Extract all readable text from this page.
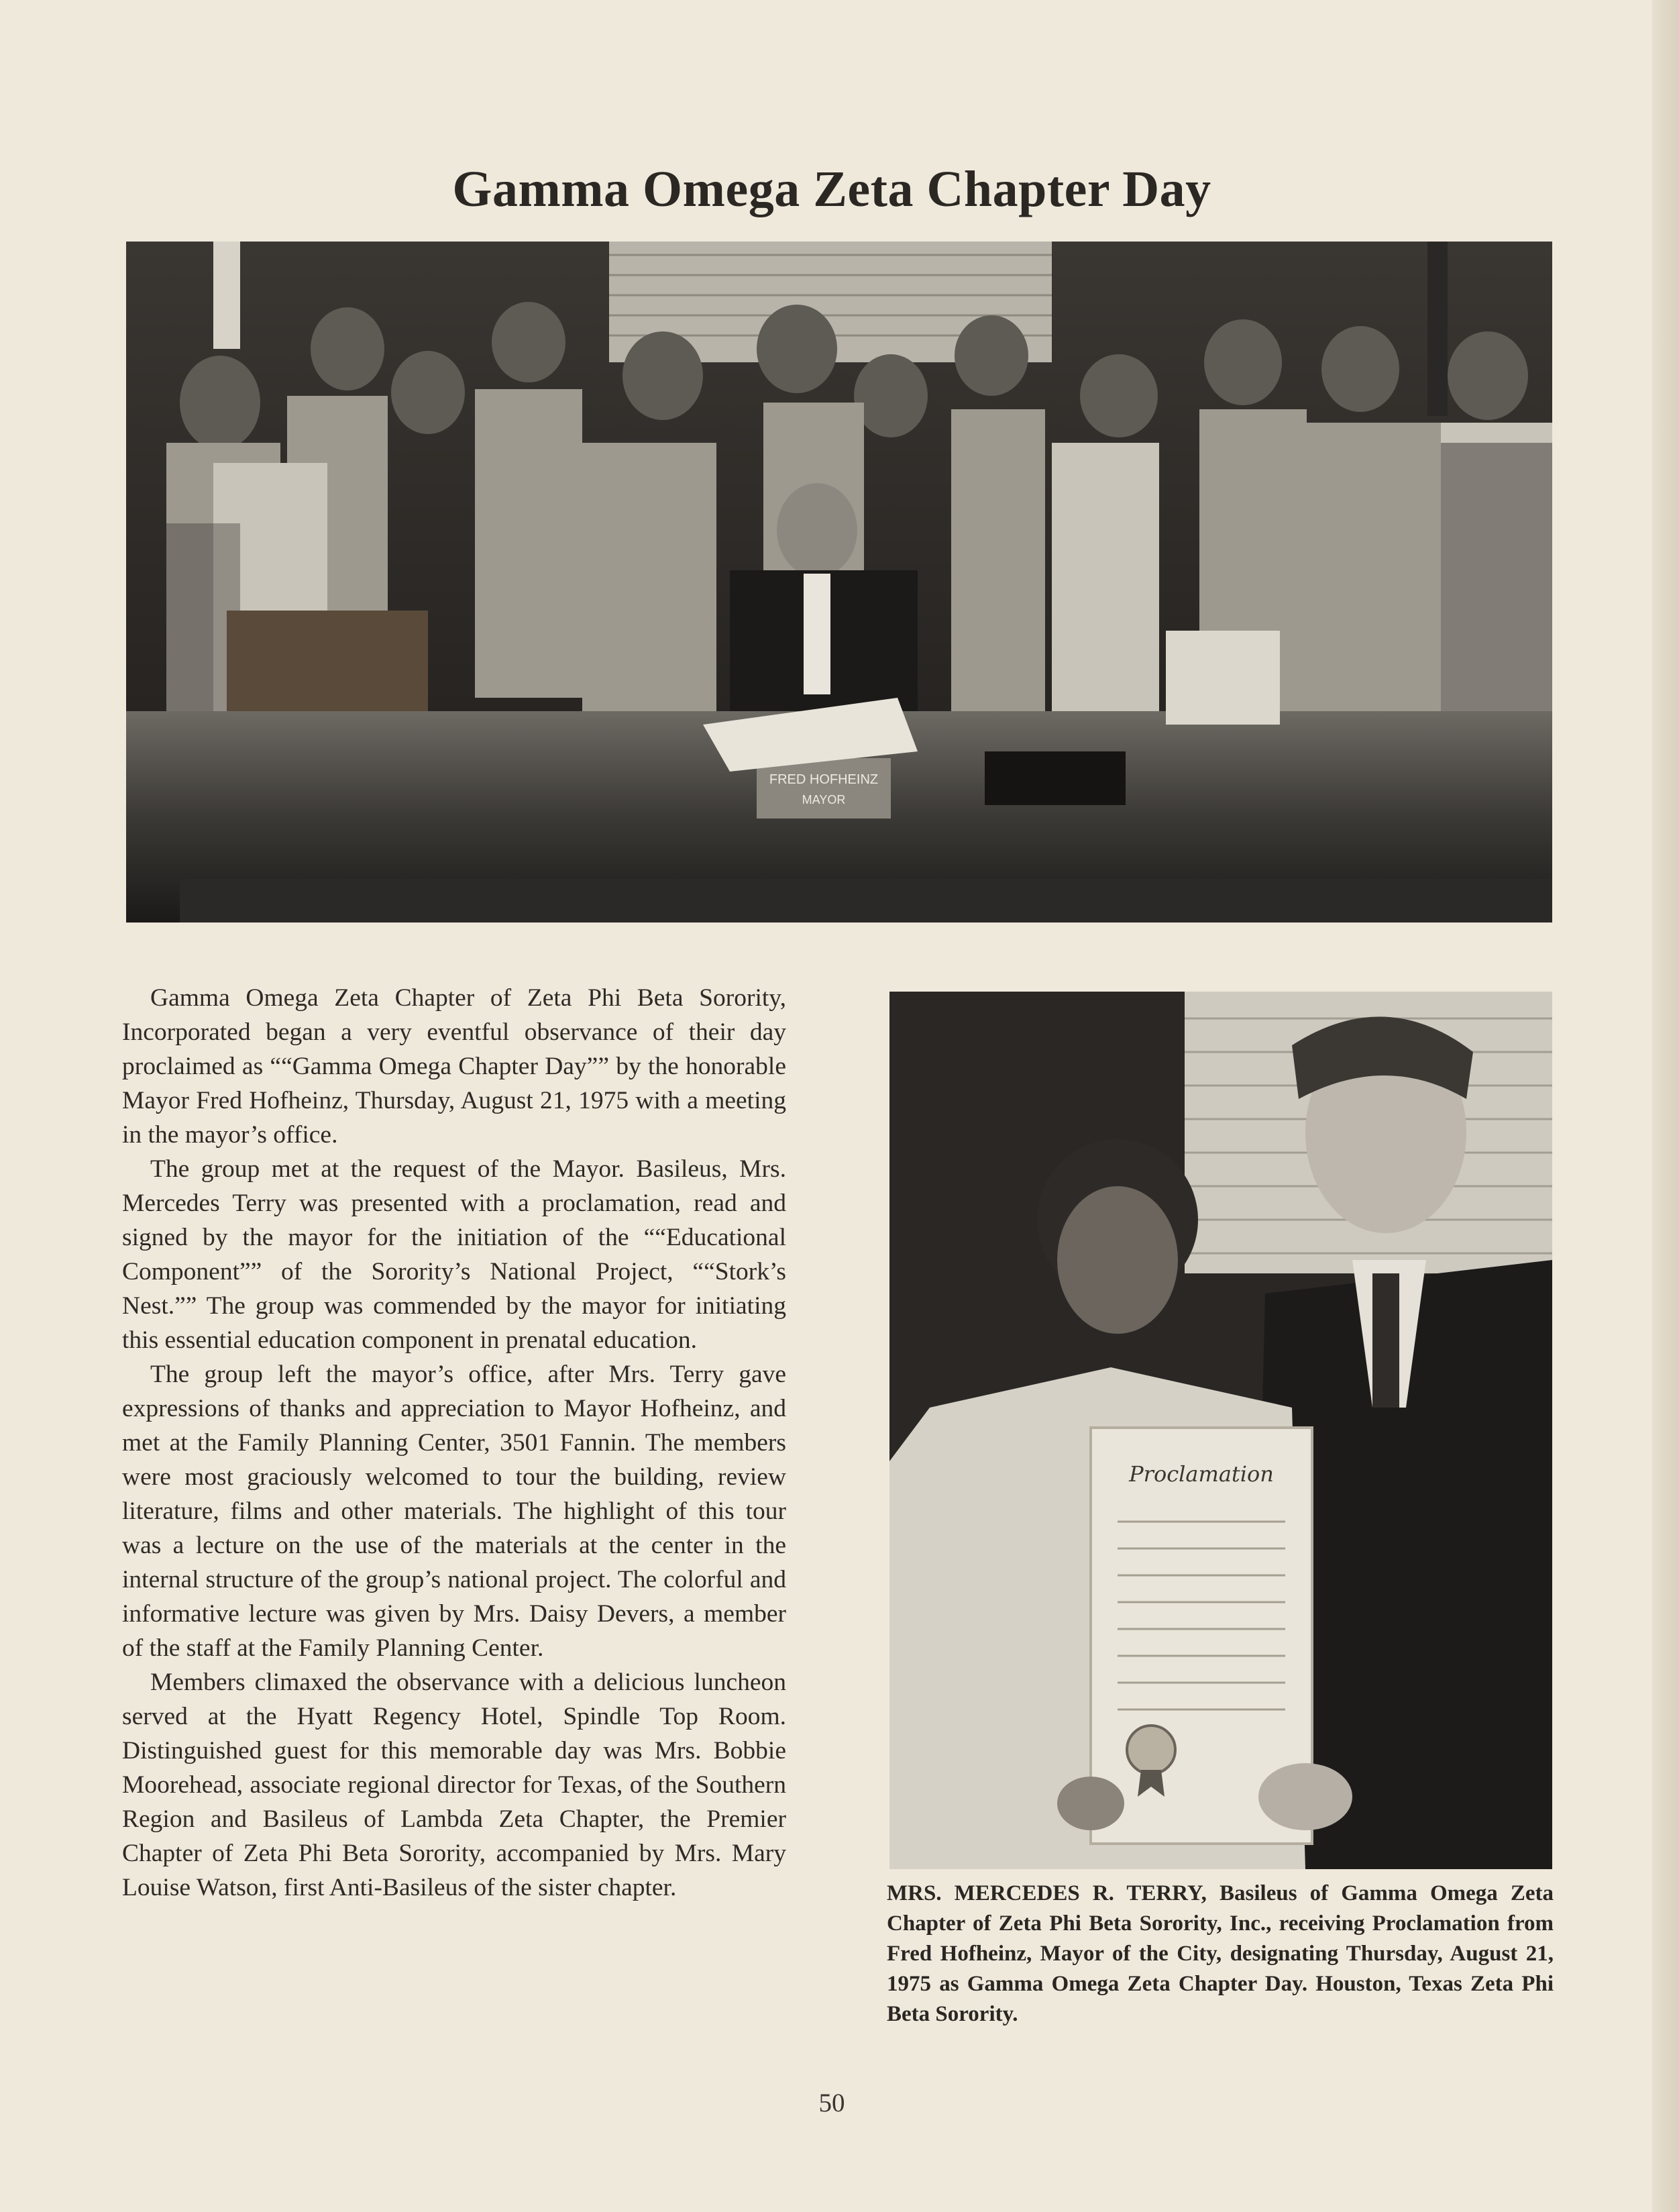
Gamma Omega Zeta Chapter Day
FRED HOFHEINZ
MAYOR

Gamma Omega Zeta Chapter of Zeta Phi Beta Sorority, Incorporated began a very eventful observance of their day proclaimed as ““Gamma Omega Chapter Day”” by the honorable Mayor Fred Hofheinz, Thursday, August 21, 1975 with a meeting in the mayor’s office.

The group met at the request of the Mayor. Basileus, Mrs. Mercedes Terry was presented with a proclamation, read and signed by the mayor for the initiation of the ““Educational Component”” of the Sorority’s National Project, ““Stork’s Nest.”” The group was commended by the mayor for initiating this essential education component in prenatal education.

The group left the mayor’s office, after Mrs. Terry gave expressions of thanks and appreciation to Mayor Hofheinz, and met at the Family Planning Center, 3501 Fannin. The members were most graciously welcomed to tour the building, review literature, films and other materials. The highlight of this tour was a lecture on the use of the materials at the center in the internal structure of the group’s national project. The colorful and informative lecture was given by Mrs. Daisy Devers, a member of the staff at the Family Planning Center.

Members climaxed the observance with a delicious luncheon served at the Hyatt Regency Hotel, Spindle Top Room. Distinguished guest for this memorable day was Mrs. Bobbie Moorehead, associate regional director for Texas, of the Southern Region and Basileus of Lambda Zeta Chapter, the Premier Chapter of Zeta Phi Beta Sorority, accompanied by Mrs. Mary Louise Watson, first Anti-Basileus of the sister chapter.

Proclamation
MRS. MERCEDES R. TERRY, Basileus of Gamma Omega Zeta Chapter of Zeta Phi Beta Sorority, Inc., receiving Proclamation from Fred Hofheinz, Mayor of the City, designating Thursday, August 21, 1975 as Gamma Omega Zeta Chapter Day. Houston, Texas Zeta Phi Beta Sorority.
50
